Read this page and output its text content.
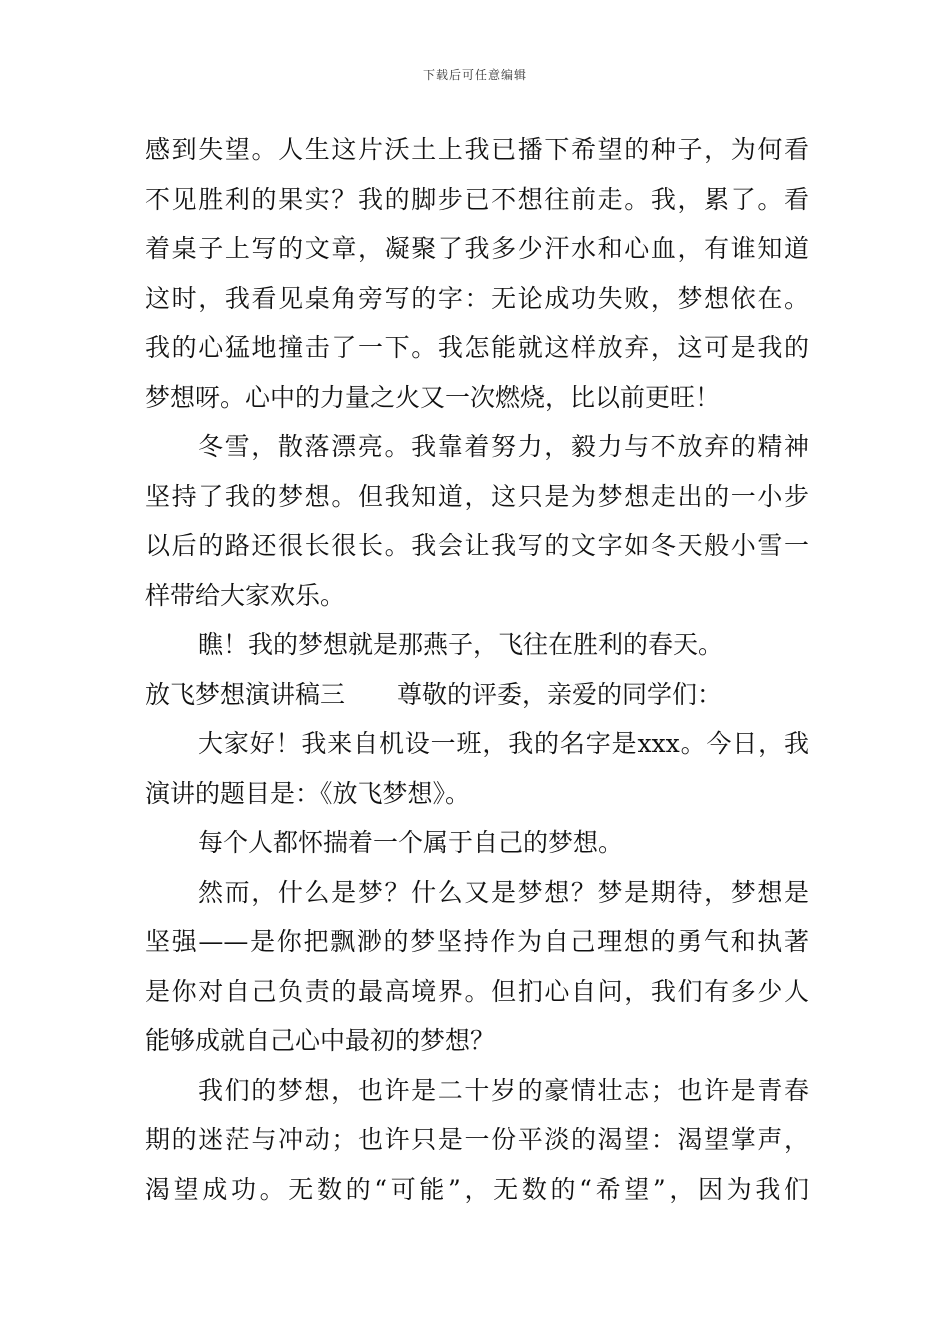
下载后可任意编辑
感到失望。人生这片沃土上我已播下希望的种子，为何看
不见胜利的果实？我的脚步已不想往前走。我，累了。看
着桌子上写的文章，凝聚了我多少汗水和心血，有谁知道
这时，我看见桌角旁写的字：无论成功失败，梦想依在。
我的心猛地撞击了一下。我怎能就这样放弃，这可是我的
梦想呀。心中的力量之火又一次燃烧，比以前更旺！
冬雪，散落漂亮。我靠着努力，毅力与不放弃的精神
坚持了我的梦想。但我知道，这只是为梦想走出的一小步
以后的路还很长很长。我会让我写的文字如冬天般小雪一
样带给大家欢乐。
瞧！我的梦想就是那燕子，飞往在胜利的春天。
放飞梦想演讲稿三 尊敬的评委，亲爱的同学们：
大家好！我来自机设一班，我的名字是xxx。今日，我
演讲的题目是：《放飞梦想》。
每个人都怀揣着一个属于自己的梦想。
然而，什么是梦？什么又是梦想？梦是期待，梦想是
坚强——是你把飘渺的梦坚持作为自己理想的勇气和执著
是你对自己负责的最高境界。但扪心自问，我们有多少人
能够成就自己心中最初的梦想？
我们的梦想，也许是二十岁的豪情壮志；也许是青春
期的迷茫与冲动；也许只是一份平淡的渴望：渴望掌声，
渴望成功。无数的“可能”，无数的“希望”，因为我们
